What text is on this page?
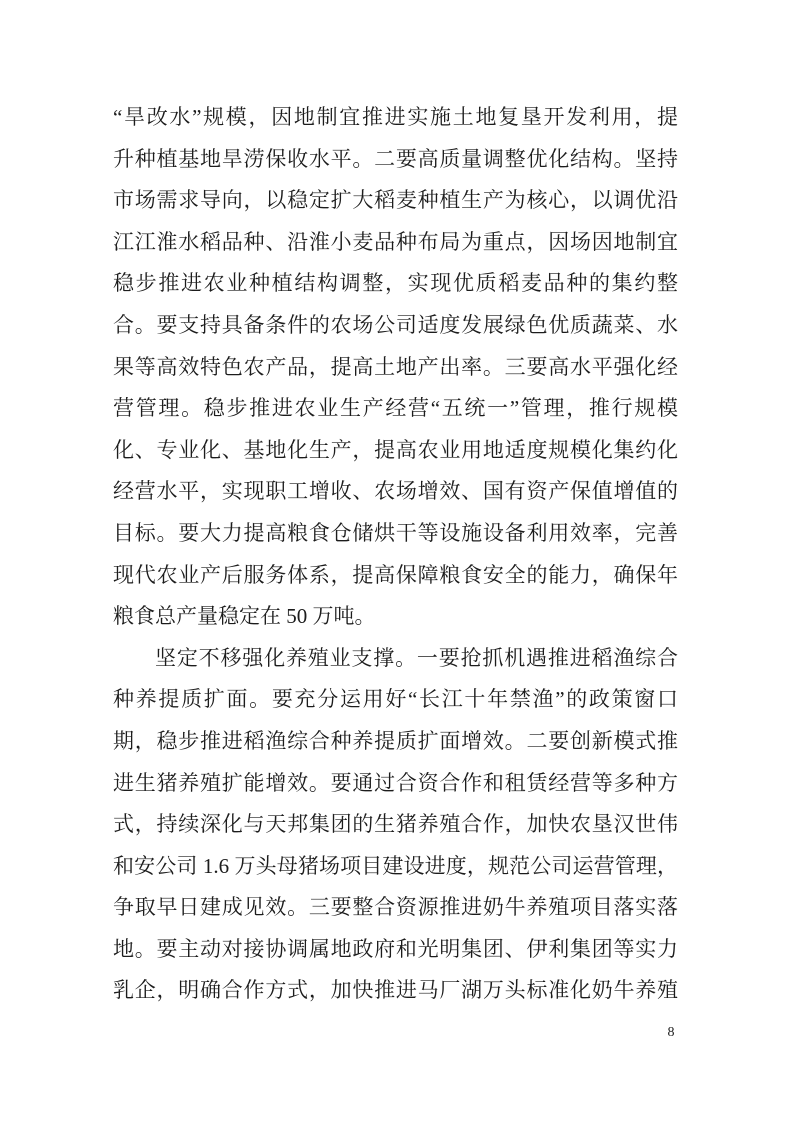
“旱改水”规模，因地制宜推进实施土地复垦开发利用，提
升种植基地旱涝保收水平。二要高质量调整优化结构。坚持
市场需求导向，以稳定扩大稻麦种植生产为核心，以调优沿
江江淮水稻品种、沿淮小麦品种布局为重点，因场因地制宜
稳步推进农业种植结构调整，实现优质稻麦品种的集约整
合。要支持具备条件的农场公司适度发展绿色优质蔬菜、水
果等高效特色农产品，提高土地产出率。三要高水平强化经
营管理。稳步推进农业生产经营“五统一”管理，推行规模
化、专业化、基地化生产，提高农业用地适度规模化集约化
经营水平，实现职工增收、农场增效、国有资产保值增值的
目标。要大力提高粮食仓储烘干等设施设备利用效率，完善
现代农业产后服务体系，提高保障粮食安全的能力，确保年
粮食总产量稳定在 50 万吨。
坚定不移强化养殖业支撑。一要抢抓机遇推进稻渔综合
种养提质扩面。要充分运用好“长江十年禁渔”的政策窗口
期，稳步推进稻渔综合种养提质扩面增效。二要创新模式推
进生猪养殖扩能增效。要通过合资合作和租赁经营等多种方
式，持续深化与天邦集团的生猪养殖合作，加快农垦汉世伟
和安公司 1.6 万头母猪场项目建设进度，规范公司运营管理，
争取早日建成见效。三要整合资源推进奶牛养殖项目落实落
地。要主动对接协调属地政府和光明集团、伊利集团等实力
乳企，明确合作方式，加快推进马厂湖万头标准化奶牛养殖
8
